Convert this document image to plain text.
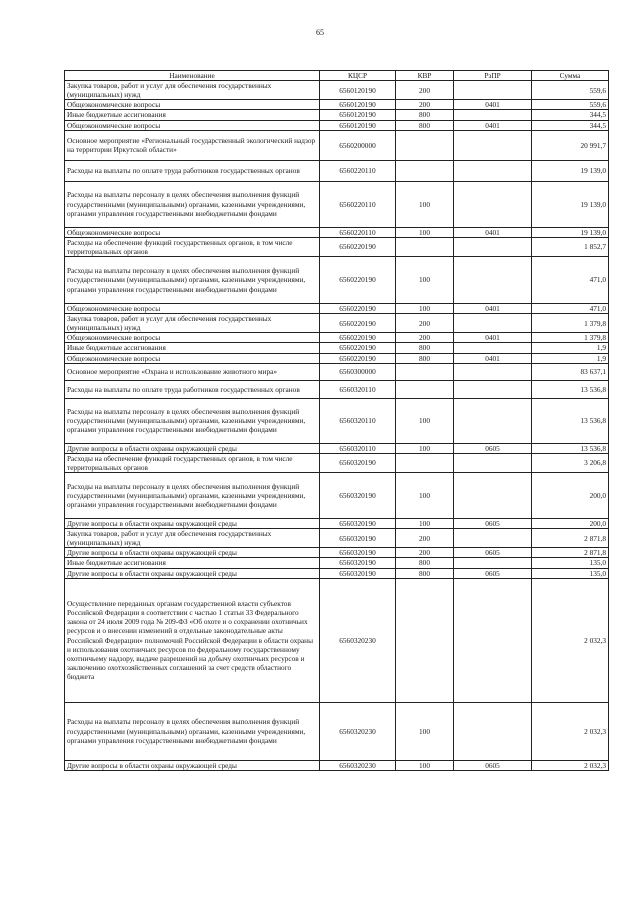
65
Наименование	КЦСР	КВР	РзПР	Сумма
Закупка товаров, работ и услуг для обеспечения государственных (муниципальных) нужд	6560120190	200		559,6
Общеэкономические вопросы	6560120190	200	0401	559,6
Иные бюджетные ассигнования	6560120190	800		344,5
Общеэкономические вопросы	6560120190	800	0401	344,5
Основное мероприятие «Региональный государственный экологический надзор на территории Иркутской области»	6560200000			20 991,7
Расходы на выплаты по оплате труда работников государственных органов	6560220110			19 139,0
Расходы на выплаты персоналу в целях обеспечения выполнения функций государственными (муниципальными) органами, казенными учреждениями, органами управления государственными внебюджетными фондами	6560220110	100		19 139,0
Общеэкономические вопросы	6560220110	100	0401	19 139,0
Расходы на обеспечение функций государственных органов, в том числе территориальных органов	6560220190			1 852,7
Расходы на выплаты персоналу в целях обеспечения выполнения функций государственными (муниципальными) органами, казенными учреждениями, органами управления государственными внебюджетными фондами	6560220190	100		471,0
Общеэкономические вопросы	6560220190	100	0401	471,0
Закупка товаров, работ и услуг для обеспечения государственных (муниципальных) нужд	6560220190	200		1 379,8
Общеэкономические вопросы	6560220190	200	0401	1 379,8
Иные бюджетные ассигнования	6560220190	800		1,9
Общеэкономические вопросы	6560220190	800	0401	1,9
Основное мероприятие «Охрана и использование животного мира»	6560300000			83 637,1
Расходы на выплаты по оплате труда работников государственных органов	6560320110			13 536,8
Расходы на выплаты персоналу в целях обеспечения выполнения функций государственными (муниципальными) органами, казенными учреждениями, органами управления государственными внебюджетными фондами	6560320110	100		13 536,8
Другие вопросы в области охраны окружающей среды	6560320110	100	0605	13 536,8
Расходы на обеспечение функций государственных органов, в том числе территориальных органов	6560320190			3 206,8
Расходы на выплаты персоналу в целях обеспечения выполнения функций государственными (муниципальными) органами, казенными учреждениями, органами управления государственными внебюджетными фондами	6560320190	100		200,0
Другие вопросы в области охраны окружающей среды	6560320190	100	0605	200,0
Закупка товаров, работ и услуг для обеспечения государственных (муниципальных) нужд	6560320190	200		2 871,8
Другие вопросы в области охраны окружающей среды	6560320190	200	0605	2 871,8
Иные бюджетные ассигнования	6560320190	800		135,0
Другие вопросы в области охраны окружающей среды	6560320190	800	0605	135,0
Осуществление переданных органам государственной власти субъектов Российской Федерации в соответствии с частью 1 статьи 33 Федерального закона от 24 июля 2009 года № 209-ФЗ «Об охоте и о сохранении охотничьих ресурсов и о внесении изменений в отдельные законодательные акты Российской Федерации» полномочий Российской Федерации в области охраны и использования охотничьих ресурсов по федеральному государственному охотничьему надзору, выдаче разрешений на добычу охотничьих ресурсов и заключению охотхозяйственных соглашений за счет средств областного бюджета	6560320230			2 032,3
Расходы на выплаты персоналу в целях обеспечения выполнения функций государственными (муниципальными) органами, казенными учреждениями, органами управления государственными внебюджетными фондами	6560320230	100		2 032,3
Другие вопросы в области охраны окружающей среды	6560320230	100	0605	2 032,3
